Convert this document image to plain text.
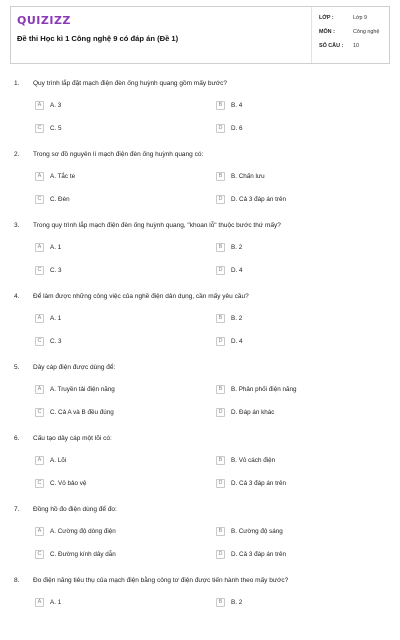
QUIZIZZ
Đề thi Học kì 1 Công nghệ 9 có đáp án (Đề 1)
LỚP :	Lớp 9
MÔN :	Công nghệ
SỐ CÂU :	10
1. Quy trình lắp đặt mạch điện đèn ống huỳnh quang gồm mấy bước?
A	A. 3	B	B. 4
C	C. 5	D	D. 6
2. Trong sơ đồ nguyên lí mạch điện đèn ống huỳnh quang có:
A	A. Tắc te	B	B. Chấn lưu
C	C. Đèn	D	D. Cả 3 đáp án trên
3. Trong quy trình lắp mạch điện đèn ống huỳnh quang, "khoan lỗ" thuộc bước thứ mấy?
A	A. 1	B	B. 2
C	C. 3	D	D. 4
4. Để làm được những công việc của nghề điện dân dụng, cần mấy yêu cầu?
A	A. 1	B	B. 2
C	C. 3	D	D. 4
5. Dây cáp điện được dùng để:
A	A. Truyền tải điện năng	B	B. Phân phối điện năng
C	C. Cả A và B đều đúng	D	D. Đáp án khác
6. Cấu tạo dây cáp một lõi có:
A	A. Lõi	B	B. Vỏ cách điện
C	C. Vỏ bảo vệ	D	D. Cả 3 đáp án trên
7. Đồng hồ đo điện dùng để đo:
A	A. Cường độ dòng điện	B	B. Cường độ sáng
C	C. Đường kính dây dẫn	D	D. Cả 3 đáp án trên
8. Đo điện năng tiêu thụ của mạch điện bằng công tơ điện được tiến hành theo mấy bước?
A	A. 1	B	B. 2
